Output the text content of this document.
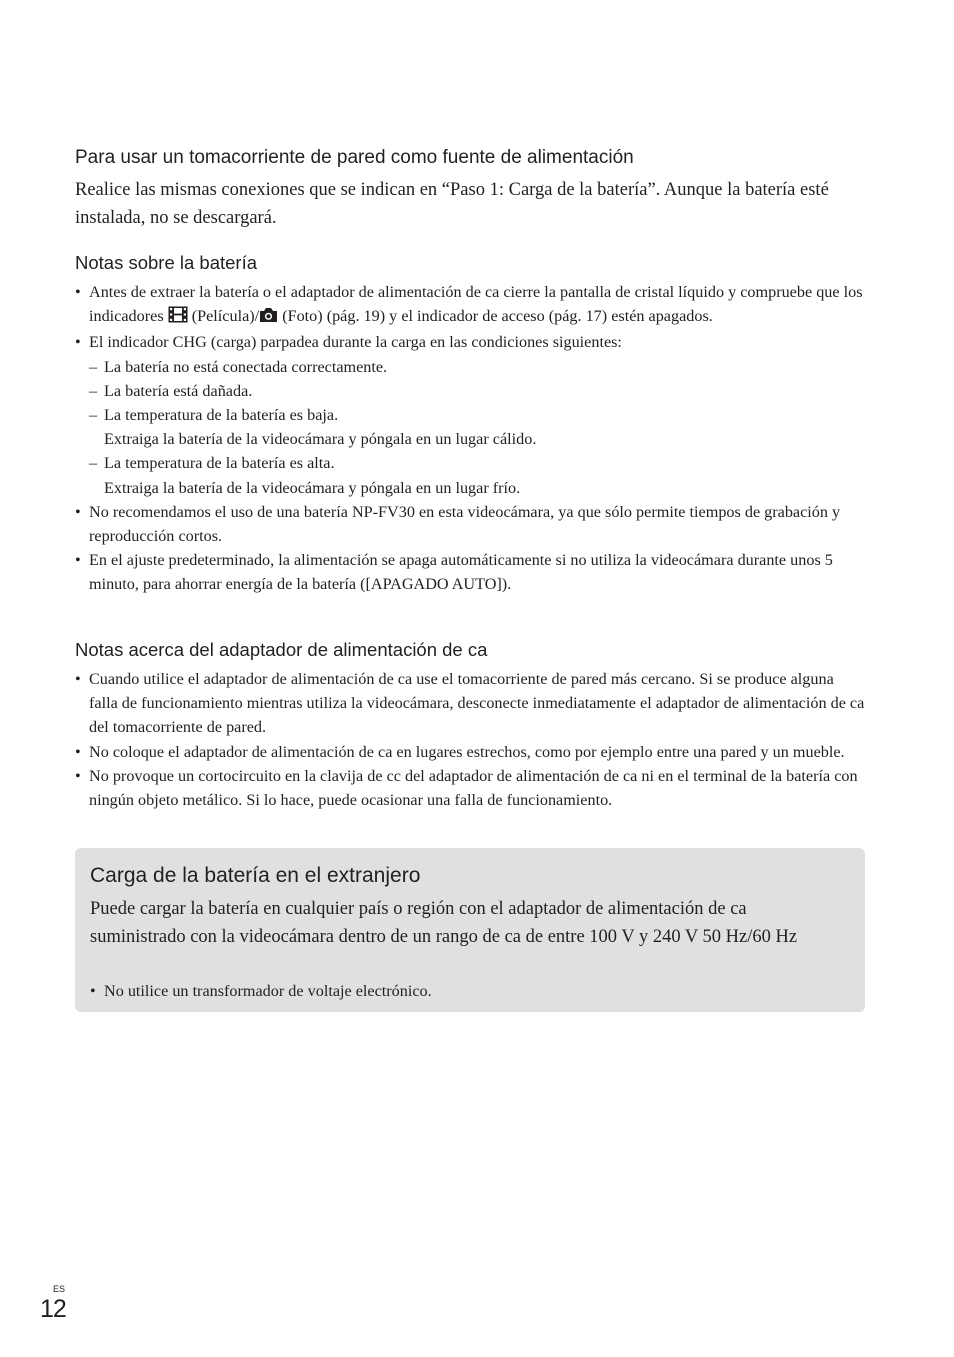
Para usar un tomacorriente de pared como fuente de alimentación

Realice las mismas conexiones que se indican en “Paso 1: Carga de la batería”. Aunque la batería esté instalada, no se descargará.

Notas sobre la batería
• Antes de extraer la batería o el adaptador de alimentación de ca cierre la pantalla de cristal líquido y compruebe que los indicadores  (Película)/ (Foto) (pág. 19) y el indicador de acceso (pág. 17) estén apagados.
• El indicador CHG (carga) parpadea durante la carga en las condiciones siguientes:
– La batería no está conectada correctamente.
– La batería está dañada.
– La temperatura de la batería es baja.
Extraiga la batería de la videocámara y póngala en un lugar cálido.
– La temperatura de la batería es alta.
Extraiga la batería de la videocámara y póngala en un lugar frío.
• No recomendamos el uso de una batería NP-FV30 en esta videocámara, ya que sólo permite tiempos de grabación y reproducción cortos.
• En el ajuste predeterminado, la alimentación se apaga automáticamente si no utiliza la videocámara durante unos 5 minuto, para ahorrar energía de la batería ([APAGADO AUTO]).
Notas acerca del adaptador de alimentación de ca
• Cuando utilice el adaptador de alimentación de ca use el tomacorriente de pared más cercano. Si se produce alguna falla de funcionamiento mientras utiliza la videocámara, desconecte inmediatamente el adaptador de alimentación de ca del tomacorriente de pared.
• No coloque el adaptador de alimentación de ca en lugares estrechos, como por ejemplo entre una pared y un mueble.
• No provoque un cortocircuito en la clavija de cc del adaptador de alimentación de ca ni en el terminal de la batería con ningún objeto metálico. Si lo hace, puede ocasionar una falla de funcionamiento.
Carga de la batería en el extranjero

Puede cargar la batería en cualquier país o región con el adaptador de alimentación de ca suministrado con la videocámara dentro de un rango de ca de entre 100 V y 240 V 50 Hz/60 Hz

• No utilice un transformador de voltaje electrónico.

ES
12
